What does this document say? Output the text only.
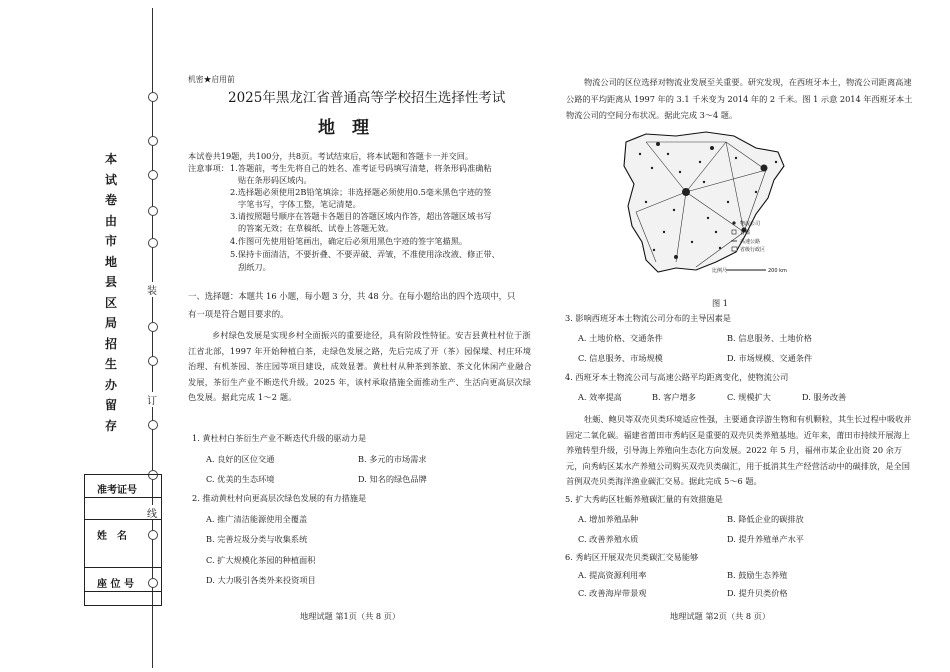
装
订
线
本
试
卷
由
市
地
县
区
局
招
生
办
留
存
准考证号
姓　名
座 位 号
机密★启用前
2025年黑龙江省普通高等学校招生选择性考试
地　理
本试卷共19题，共100分，共8页。考试结束后，将本试题和答题卡一并交回。
注意事项： 1.答题前，考生先将自己的姓名、准考证号码填写清楚，将条形码准确粘
贴在条形码区域内。
2.选择题必须使用2B铅笔填涂；非选择题必须使用0.5毫米黑色字迹的签
字笔书写，字体工整，笔记清楚。
3.请按照题号顺序在答题卡各题目的答题区域内作答，超出答题区域书写
的答案无效；在草稿纸、试卷上答题无效。
4.作图可先使用铅笔画出，确定后必须用黑色字迹的签字笔描黑。
5.保持卡面清洁，不要折叠、不要弄破、弄皱，不准使用涂改液、修正带、
刮纸刀。
一、选择题：本题共 16 小题，每小题 3 分，共 48 分。在每小题给出的四个选项中，只
有一项是符合题目要求的。
乡村绿色发展是实现乡村全面振兴的重要途径，具有阶段性特征。安吉县黄杜村位于浙江省北部，1997 年开始种植白茶，走绿色发展之路，先后完成了开（茶）园保墚、村庄环境治理、有机茶园、茶庄园等项目建设，成效显著。黄杜村从种茶到茶旅、茶文化休闲产业融合发展，茶衍生产业不断迭代升级。2025 年，该村承取措施全面推动生产、生活向更高层次绿色发展。据此完成 1～2 题。
1. 黄杜村白茶衍生产业不断迭代升级的驱动力是
A. 良好的区位交通	B. 多元的市场需求
C. 优美的生态环境	D. 知名的绿色品牌
2. 推动黄杜村向更高层次绿色发展的有力措施是
A. 推广清洁能源使用全覆盖
B. 完善垃圾分类与收集系统
C. 扩大规模化茶园的种植面积
D. 大力吸引各类外来投资项目
地理试题 第1页（共 8 页）
物流公司的区位选择对物流业发展至关重要。研究发现，在西班牙本土，物流公司距离高速公路的平均距离从 1997 年的 3.1 千米变为 2014 年的 2 千米。图 1 示意 2014 年西班牙本土物流公司的空间分布状况。据此完成 3～4 题。
物流公司
首都
高速公路
省级行政区
比例尺	200 km
图 1
3. 影响西班牙本土物流公司分布的主导因素是
A. 土地价格、交通条件	B. 信息服务、土地价格
C. 信息服务、市场规模	D. 市场规模、交通条件
4. 西班牙本土物流公司与高速公路平均距离变化，使物流公司
A. 效率提高	B. 客户增多	C. 规模扩大	D. 服务改善
牡蛎、鲍贝等双壳贝类环境适应性强，主要通食浮游生物和有机颗粒，其生长过程中吸收并固定二氧化碳。福建省莆田市秀屿区是重要的双壳贝类养殖基地。近年来，莆田市持续开展海上养殖转型升级，引导海上养殖向生态化方向发展。2022 年 5 月，福州市某企业出资 20 余万元，向秀屿区某水产养殖公司购买双壳贝类碳汇，用于抵消其生产经营活动中的碳排放，是全国首例双壳贝类海洋渔业碳汇交易。据此完成 5～6 题。
5. 扩大秀屿区牡蛎养殖碳汇量的有效措施是
A. 增加养殖品种	B. 降低企业的碳排放
C. 改善养殖水质	D. 提升养殖单产水平
6. 秀屿区开展双壳贝类碳汇交易能够
A. 提高资源利用率	B. 鼓励生态养殖
C. 改善海岸带景观	D. 提升贝类价格
地理试题 第2页（共 8 页）
